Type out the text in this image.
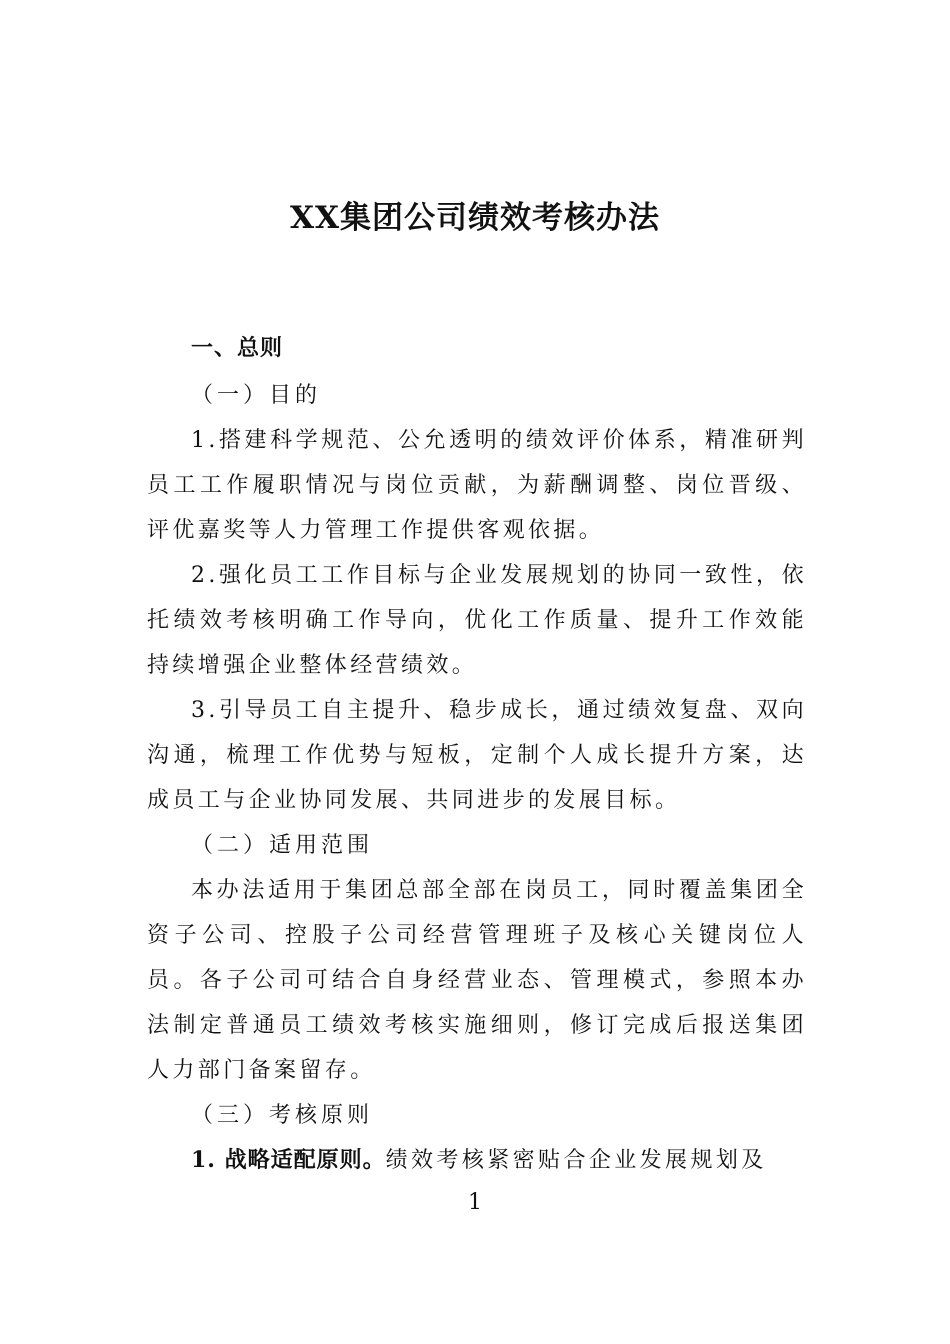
XX集团公司绩效考核办法

一、总则

（一）目的

1.搭建科学规范、公允透明的绩效评价体系，精准研判员工工作履职情况与岗位贡献，为薪酬调整、岗位晋级、评优嘉奖等人力管理工作提供客观依据。

2.强化员工工作目标与企业发展规划的协同一致性，依托绩效考核明确工作导向，优化工作质量、提升工作效能持续增强企业整体经营绩效。

3.引导员工自主提升、稳步成长，通过绩效复盘、双向沟通，梳理工作优势与短板，定制个人成长提升方案，达成员工与企业协同发展、共同进步的发展目标。

（二）适用范围

本办法适用于集团总部全部在岗员工，同时覆盖集团全资子公司、控股子公司经营管理班子及核心关键岗位人员。各子公司可结合自身经营业态、管理模式，参照本办法制定普通员工绩效考核实施细则，修订完成后报送集团人力部门备案留存。

（三）考核原则

1. 战略适配原则。绩效考核紧密贴合企业发展规划及

1
